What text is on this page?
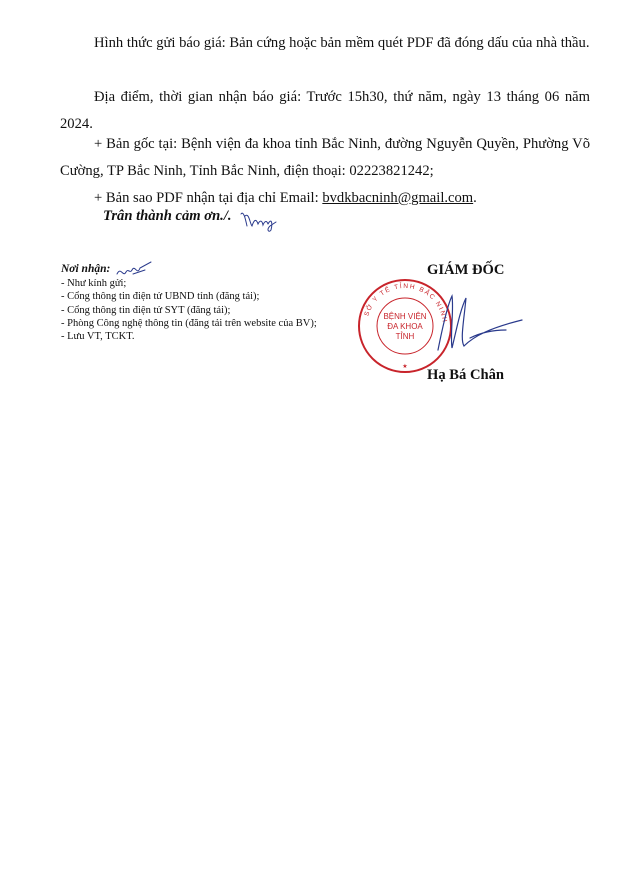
Hình thức gửi báo giá: Bản cứng hoặc bản mềm quét PDF đã đóng dấu của nhà thầu.

Địa điểm, thời gian nhận báo giá: Trước 15h30, thứ năm, ngày 13 tháng 06 năm 2024.

+ Bản gốc tại: Bệnh viện đa khoa tỉnh Bắc Ninh, đường Nguyễn Quyền, Phường Võ Cường, TP Bắc Ninh, Tỉnh Bắc Ninh, điện thoại: 02223821242;

+ Bản sao PDF nhận tại địa chỉ Email: bvdkbacninh@gmail.com.

Trân thành cảm ơn./.
Nơi nhận:
- Như kính gửi;
- Cổng thông tin điện tử UBND tỉnh (đăng tải);
- Cổng thông tin điện tử SYT (đăng tải);
- Phòng Công nghệ thông tin (đăng tải trên website của BV);
- Lưu VT, TCKT.
GIÁM ĐỐC
SỞ Y TẾ TỈNH BẮC NINH
BỆNH VIỆN
ĐA KHOA
TỈNH
★
Hạ Bá Chân
